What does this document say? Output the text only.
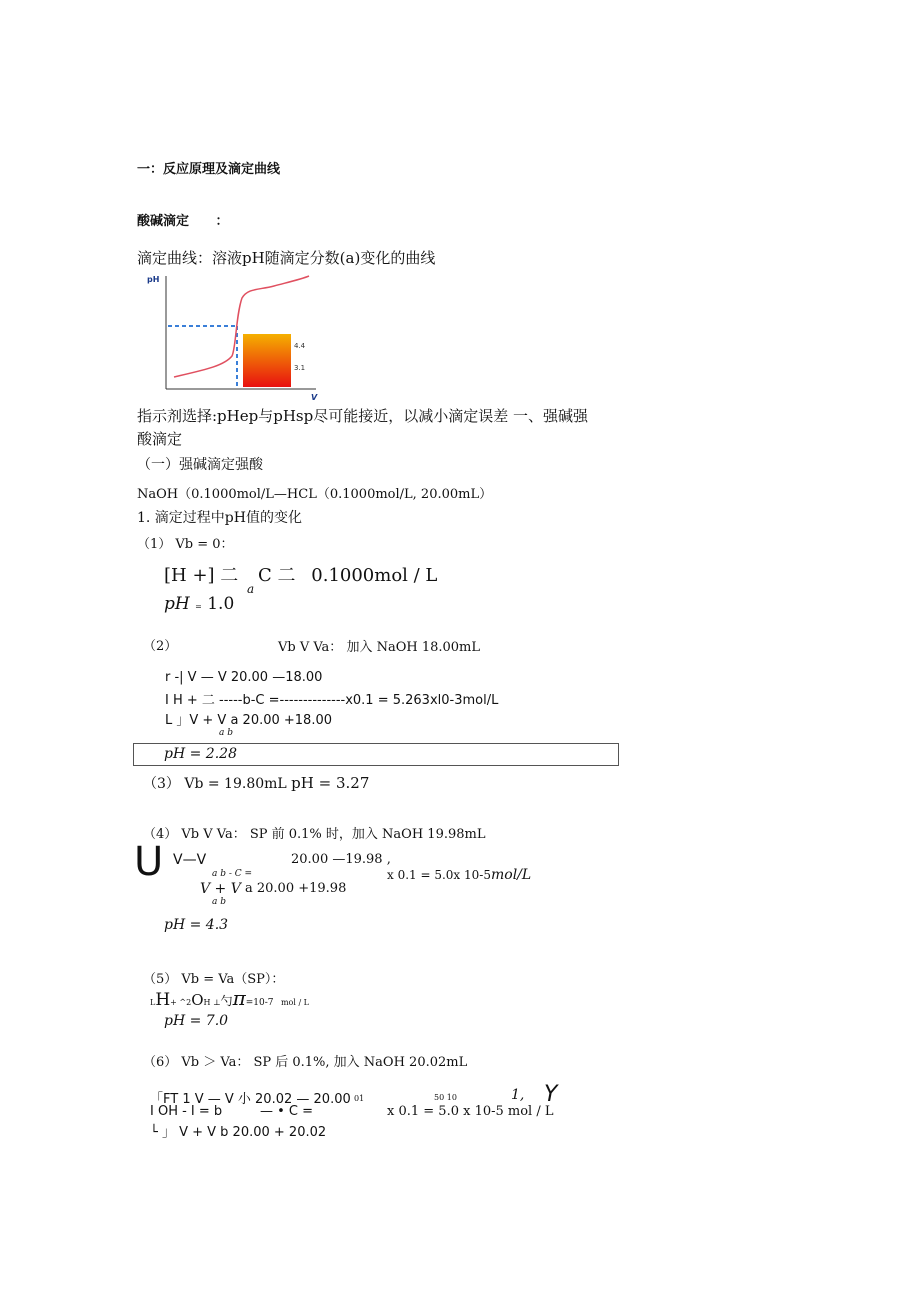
一：反应原理及滴定曲线
酸碱滴定 ：
滴定曲线：溶液pH随滴定分数(a)变化的曲线
pH
V
4.4
3.1
指示剂选择:pHep与pHsp尽可能接近，以减小滴定误差 一、强碱强
酸滴定
（一）强碱滴定强酸
NaOH（0.1000mol/L—HCL（0.1000mol/L, 20.00mL）
1. 滴定过程中pH值的变化
（1） Vb = 0：
[H +] 二 C 二 0.1000mol / L
a
pH = 1.0
（2）	Vb V Va： 加入 NaOH 18.00mL
r -| V — V 20.00 —18.00
I H + 二 -----b-C =--------------x0.1 = 5.263xl0-3mol/L
L 」V + V a 20.00 +18.00
a b
pH = 2.28
（3） Vb = 19.80mL pH = 3.27
（4） Vb V Va： SP 前 0.1% 时，加入 NaOH 19.98mL
U V—V	20.00 —19.98 ,
a b - C =	x 0.1 = 5.0x 10-5mol/L
V + V a 20.00 +19.98
a b
pH = 4.3
（5） Vb = Va（SP）：
LH+ ^2OH ⊥勺π=10-7 mol / L
pH = 7.0
（6） Vb ＞ Va： SP 后 0.1%, 加入 NaOH 20.02mL
「FT 1 V — V 小 20.02 — 20.00 01	50 10	1, Y
I OH - I = b	— • C =	x 0.1 = 5.0 x 10-5 mol / L
└ 」 V + V b 20.00 + 20.02
